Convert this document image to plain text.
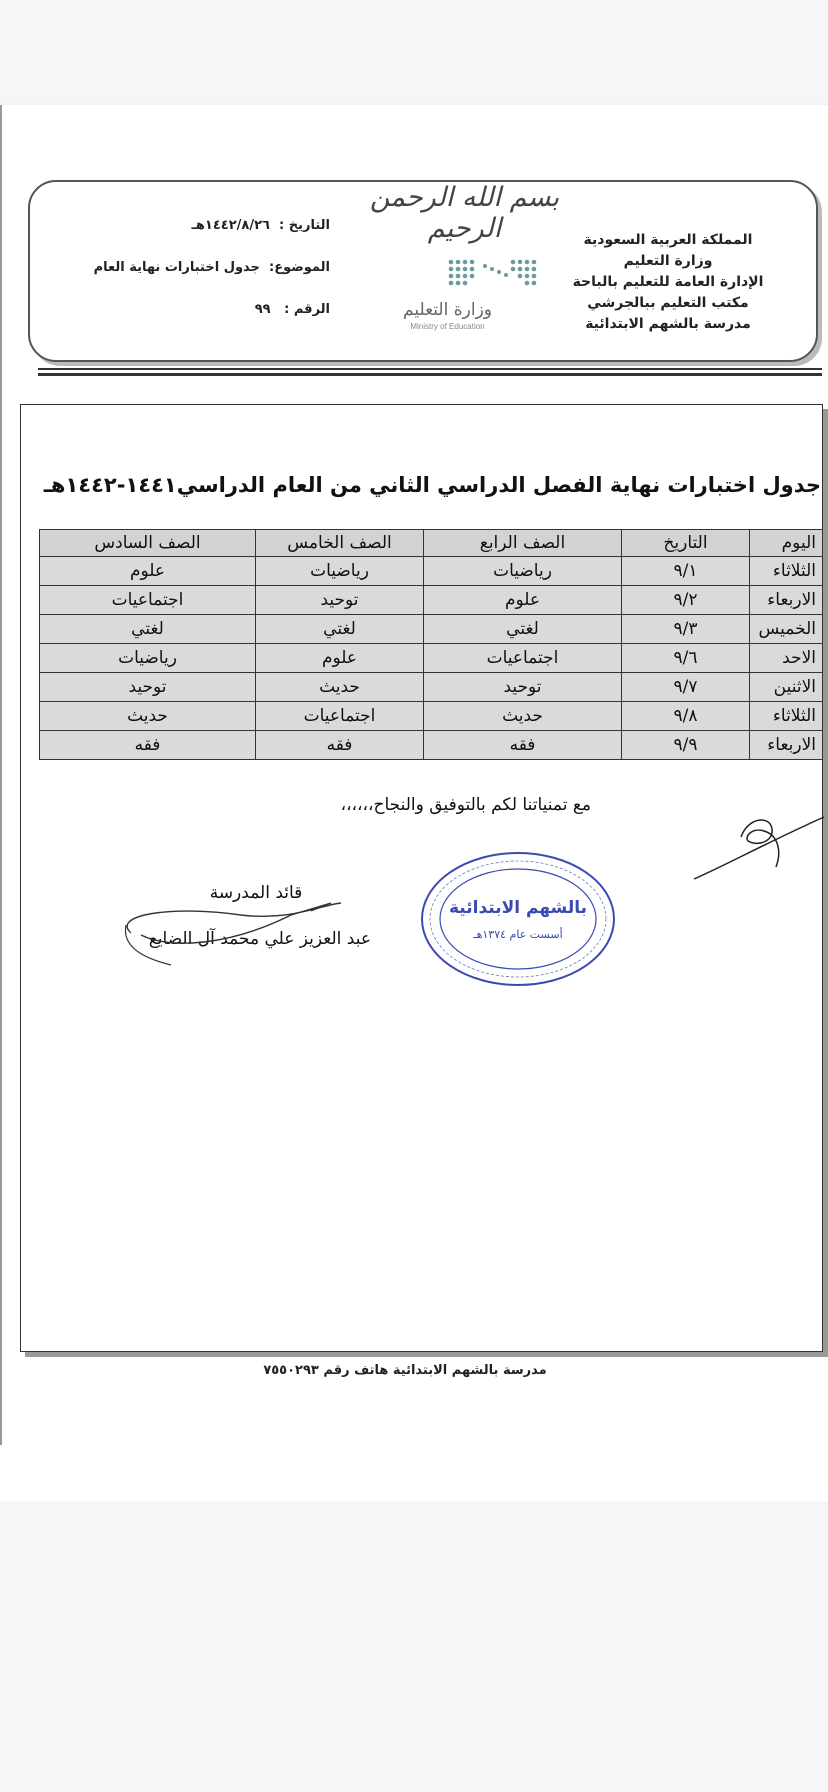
المملكة العربية السعودية
وزارة التعليم
الإدارة العامة للتعليم بالباحة
مكتب التعليم ببالجرشي
مدرسة بالشهم الابتدائية
بسم الله الرحمن الرحيم
وزارة التعليم
Ministry of Education
التاريخ :  ١٤٤٢/٨/٢٦هـ
الموضوع:  جدول اختبارات نهاية العام
الرقم :   ٩٩
جدول اختبارات نهاية الفصل الدراسي الثاني من العام الدراسي١٤٤١-١٤٤٢هـ
اليوم	التاريخ	الصف الرابع	الصف الخامس	الصف السادس
الثلاثاء	٩/١	رياضيات	رياضيات	علوم
الاربعاء	٩/٢	علوم	توحيد	اجتماعيات
الخميس	٩/٣	لغتي	لغتي	لغتي
الاحد	٩/٦	اجتماعيات	علوم	رياضيات
الاثنين	٩/٧	توحيد	حديث	توحيد
الثلاثاء	٩/٨	حديث	اجتماعيات	حديث
الاربعاء	٩/٩	فقه	فقه	فقه
مع تمنياتنا لكم بالتوفيق والنجاح،،،،،،
قائد المدرسة
عبد العزيز علي محمد آل الضايع
بالشهم الابتدائية
أسست عام ١٣٧٤هـ
مدرسة بالشهم الابتدائية هاتف رقم ٧٥٥٠٢٩٣
